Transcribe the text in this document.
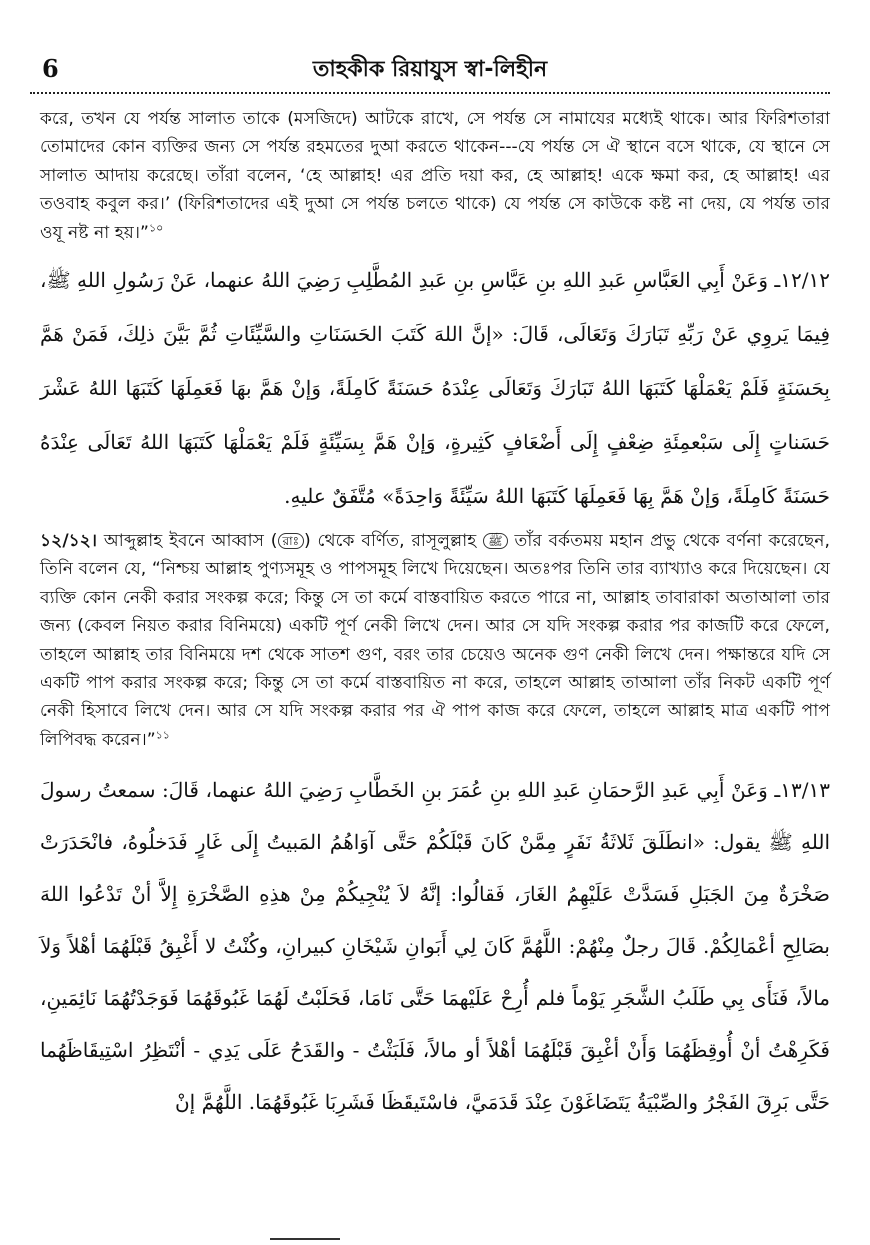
6	তাহকীক রিয়াযুস স্বা-লিহীন

করে, তখন যে পর্যন্ত সালাত তাকে (মসজিদে) আটকে রাখে, সে পর্যন্ত সে নামাযের মধ্যেই থাকে। আর ফিরিশতারা তোমাদের কোন ব্যক্তির জন্য সে পর্যন্ত রহমতের দুআ করতে থাকেন---যে পর্যন্ত সে ঐ স্থানে বসে থাকে, যে স্থানে সে সালাত আদায় করেছে। তাঁরা বলেন, ‘হে আল্লাহ! এর প্রতি দয়া কর, হে আল্লাহ! একে ক্ষমা কর, হে আল্লাহ! এর তওবাহ কবুল কর।’ (ফিরিশতাদের এই দুআ সে পর্যন্ত চলতে থাকে) যে পর্যন্ত সে কাউকে কষ্ট না দেয়, যে পর্যন্ত তার ওযূ নষ্ট না হয়।”$^{১০}$

١٢/١٢ـ وَعَنْ أَبِي العَبَّاسِ عَبدِ اللهِ بنِ عَبَّاسِ بنِ عَبدِ المُطَّلِبِ رَضِيَ اللهُ عنهما، عَنْ رَسُولِ اللهِ ﷺ، فِيمَا يَروِي عَنْ رَبِّهِ تَبَارَكَ وَتَعَالَى، قَالَ: «إنَّ اللهَ كَتَبَ الحَسَنَاتِ والسَّيِّئَاتِ ثُمَّ بَيَّنَ ذلِكَ، فَمَنْ هَمَّ بِحَسَنَةٍ فَلَمْ يَعْمَلْهَا كَتَبَهَا اللهُ تَبَارَكَ وَتَعَالَى عِنْدَهُ حَسَنَةً كَامِلَةً، وَإنْ هَمَّ بهَا فَعَمِلَهَا كَتَبَهَا اللهُ عَشْرَ حَسَناتٍ إِلَى سَبْعمِئَةِ ضِعْفٍ إِلَى أَضْعَافٍ كَثِيرةٍ، وَإنْ هَمَّ بِسَيِّئَةٍ فَلَمْ يَعْمَلْهَا كَتَبَهَا اللهُ تَعَالَى عِنْدَهُ حَسَنَةً كَامِلَةً، وَإنْ هَمَّ بِهَا فَعَمِلَهَا كَتَبَهَا اللهُ سَيِّئَةً وَاحِدَةً» مُتَّفَقٌ عليهِ.

১২/১২। আব্দুল্লাহ ইবনে আব্বাস ( রাঃ ) থেকে বর্ণিত, রাসূলুল্লাহ ﷺ তাঁর বর্কতময় মহান প্রভু থেকে বর্ণনা করেছেন, তিনি বলেন যে, “নিশ্চয় আল্লাহ পুণ্যসমূহ ও পাপসমূহ লিখে দিয়েছেন। অতঃপর তিনি তার ব্যাখ্যাও করে দিয়েছেন। যে ব্যক্তি কোন নেকী করার সংকল্প করে; কিন্তু সে তা কর্মে বাস্তবায়িত করতে পারে না, আল্লাহ তাবারাকা অতাআলা তার জন্য (কেবল নিয়ত করার বিনিময়ে) একটি পূর্ণ নেকী লিখে দেন। আর সে যদি সংকল্প করার পর কাজটি করে ফেলে, তাহলে আল্লাহ তার বিনিময়ে দশ থেকে সাতশ গুণ, বরং তার চেয়েও অনেক গুণ নেকী লিখে দেন। পক্ষান্তরে যদি সে একটি পাপ করার সংকল্প করে; কিন্তু সে তা কর্মে বাস্তবায়িত না করে, তাহলে আল্লাহ তাআলা তাঁর নিকট একটি পূর্ণ নেকী হিসাবে লিখে দেন। আর সে যদি সংকল্প করার পর ঐ পাপ কাজ করে ফেলে, তাহলে আল্লাহ মাত্র একটি পাপ লিপিবদ্ধ করেন।”$^{১১}$

١٣/١٣ـ وَعَنْ أَبِي عَبدِ الرَّحمَانِ عَبدِ اللهِ بنِ عُمَرَ بنِ الخَطَّابِ رَضِيَ اللهُ عنهما، قَالَ: سمعتُ رسولَ اللهِ ﷺ يقول: «انطَلَقَ ثَلاثَةُ نَفَرٍ مِمَّنْ كَانَ قَبْلَكُمْ حَتَّى آوَاهُمُ المَبيتُ إِلَى غَارٍ فَدَخلُوهُ، فانْحَدَرَتْ صَخْرَةٌ مِنَ الجَبَلِ فَسَدَّتْ عَلَيْهِمُ الغَارَ، فَقالُوا: إنَّهُ لاَ يُنْجِيكُمْ مِنْ هذِهِ الصَّخْرَةِ إِلاَّ أنْ تَدْعُوا اللهَ بصَالِحِ أعْمَالِكُمْ. قَالَ رجلٌ مِنْهُمْ: اللَّهُمَّ كَانَ لِي أَبَوانِ شَيْخَانِ كبيرانِ، وكُنْتُ لا أَغْبِقُ قَبْلَهُمَا أهْلاً وَلاَ مالاً، فَنَأَى بِي طَلَبُ الشَّجَرِ يَوْماً فلم أُرِحْ عَلَيْهمَا حَتَّى نَامَا، فَحَلَبْتُ لَهُمَا غَبُوقَهُمَا فَوَجَدْتُهُمَا نَائِمَينِ، فَكَرِهْتُ أنْ أُوقِظَهُمَا وَأَنْ أغْبِقَ قَبْلَهُمَا أهْلاً أو مالاً، فَلَبَثْتُ - والقَدَحُ عَلَى يَدِي - أنْتَظِرُ اسْتِيقَاظَهُما حَتَّى بَرِقَ الفَجْرُ والصِّبْيَةُ يَتَضَاغَوْنَ عِنْدَ قَدَمَيَّ، فاسْتَيقَظَا فَشَرِبَا غَبُوقَهُمَا. اللَّهُمَّ إنْ
